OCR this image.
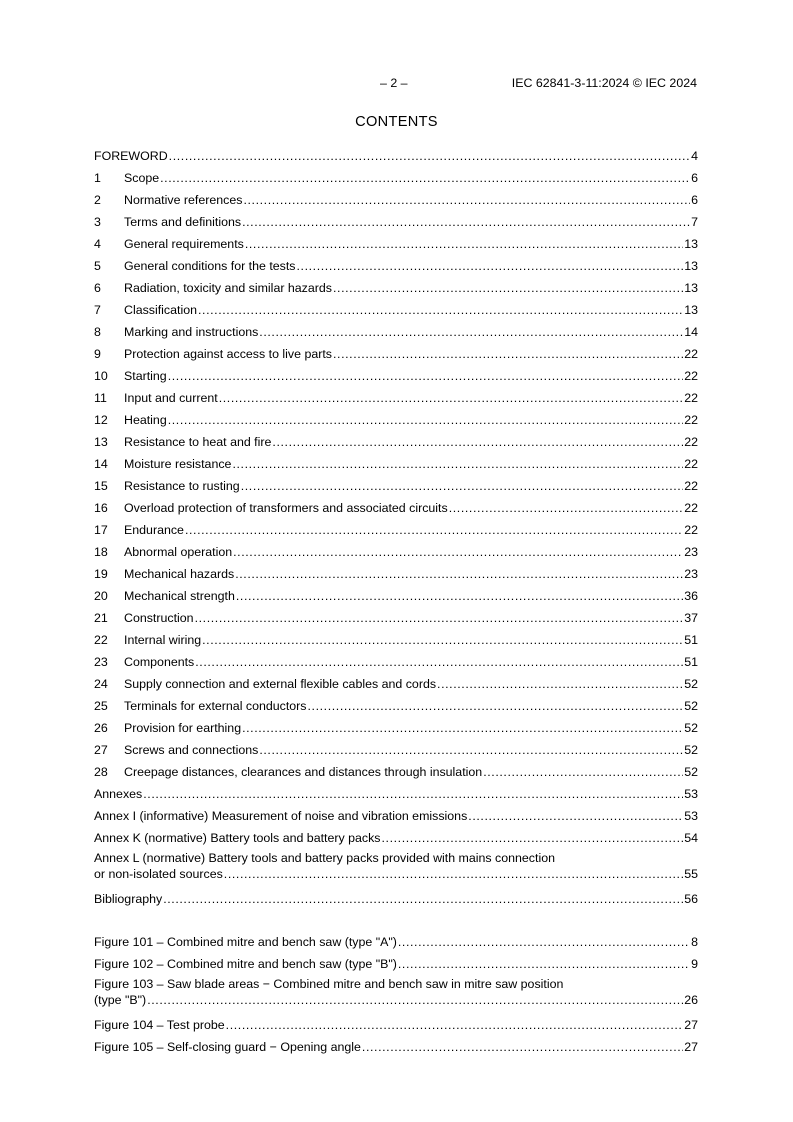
– 2 –	IEC 62841-3-11:2024 © IEC 2024
CONTENTS
FOREWORD .....	4
1	Scope .....	6
2	Normative references .....	6
3	Terms and definitions .....	7
4	General requirements .....	13
5	General conditions for the tests .....	13
6	Radiation, toxicity and similar hazards .....	13
7	Classification .....	13
8	Marking and instructions .....	14
9	Protection against access to live parts .....	22
10	Starting .....	22
11	Input and current .....	22
12	Heating .....	22
13	Resistance to heat and fire .....	22
14	Moisture resistance .....	22
15	Resistance to rusting .....	22
16	Overload protection of transformers and associated circuits .....	22
17	Endurance .....	22
18	Abnormal operation .....	23
19	Mechanical hazards .....	23
20	Mechanical strength .....	36
21	Construction .....	37
22	Internal wiring .....	51
23	Components .....	51
24	Supply connection and external flexible cables and cords .....	52
25	Terminals for external conductors .....	52
26	Provision for earthing .....	52
27	Screws and connections .....	52
28	Creepage distances, clearances and distances through insulation .....	52
Annexes .....	53
Annex I (informative) Measurement of noise and vibration emissions .....	53
Annex K (normative) Battery tools and battery packs .....	54
Annex L (normative) Battery tools and battery packs provided with mains connection
or non-isolated sources .....	55
Bibliography .....	56
Figure 101 – Combined mitre and bench saw (type "A") .....	8
Figure 102 – Combined mitre and bench saw (type "B") .....	9
Figure 103 – Saw blade areas − Combined mitre and bench saw in mitre saw position
(type "B") .....	26
Figure 104 – Test probe .....	27
Figure 105 – Self-closing guard − Opening angle .....	27
